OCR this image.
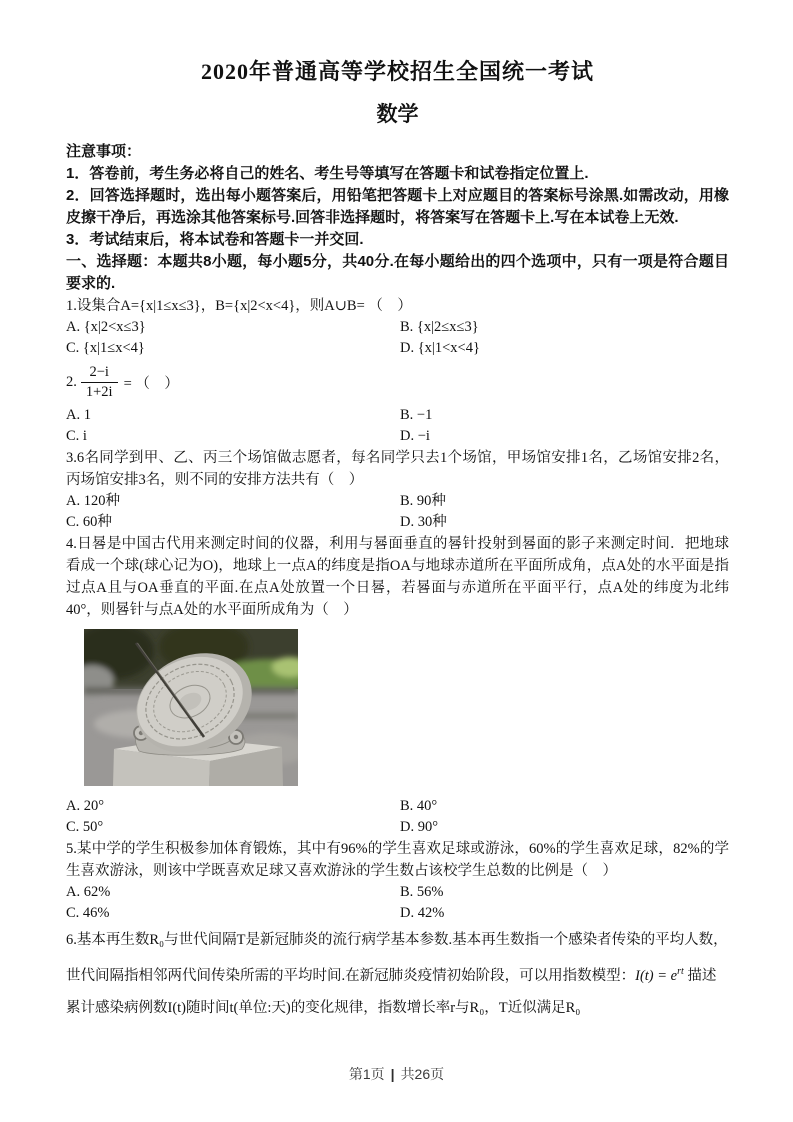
2020年普通高等学校招生全国统一考试
数学

注意事项：

1．答卷前，考生务必将自己的姓名、考生号等填写在答题卡和试卷指定位置上.

2．回答选择题时，选出每小题答案后，用铅笔把答题卡上对应题目的答案标号涂黑.如需改动，用橡皮擦干净后，再选涂其他答案标号.回答非选择题时，将答案写在答题卡上.写在本试卷上无效.

3．考试结束后，将本试卷和答题卡一并交回.

一、选择题：本题共8小题，每小题5分，共40分.在每小题给出的四个选项中，只有一项是符合题目要求的.
1.设集合A={x|1≤x≤3}，B={x|2<x<4}，则A∪B= （　）
A. {x|2<x≤3}	B. {x|2≤x≤3}
C. {x|1≤x<4}	D. {x|1<x<4}
2. $\frac{2-i}{1+2i}$ = （　）
A. 1	B. −1
C. i	D. −i
3.6名同学到甲、乙、丙三个场馆做志愿者，每名同学只去1个场馆，甲场馆安排1名，乙场馆安排2名，丙场馆安排3名，则不同的安排方法共有（　）
A. 120种	B. 90种
C. 60种	D. 30种
4.日晷是中国古代用来测定时间的仪器，利用与晷面垂直的晷针投射到晷面的影子来测定时间．把地球看成一个球(球心记为O)，地球上一点A的纬度是指OA与地球赤道所在平面所成角，点A处的水平面是指过点A且与OA垂直的平面.在点A处放置一个日晷，若晷面与赤道所在平面平行，点A处的纬度为北纬40°，则晷针与点A处的水平面所成角为（　）
A. 20°	B. 40°
C. 50°	D. 90°
5.某中学的学生积极参加体育锻炼，其中有96%的学生喜欢足球或游泳，60%的学生喜欢足球，82%的学生喜欢游泳，则该中学既喜欢足球又喜欢游泳的学生数占该校学生总数的比例是（　）
A. 62%	B. 56%
C. 46%	D. 42%

6.基本再生数R₀与世代间隔T是新冠肺炎的流行病学基本参数.基本再生数指一个感染者传染的平均人数，

世代间隔指相邻两代间传染所需的平均时间.在新冠肺炎疫情初始阶段，可以用指数模型：$I(t) = e^{rt}$ 描述

累计感染病例数I(t)随时间t(单位:天)的变化规律，指数增长率r与R₀，T近似满足R₀

第1页 | 共26页
